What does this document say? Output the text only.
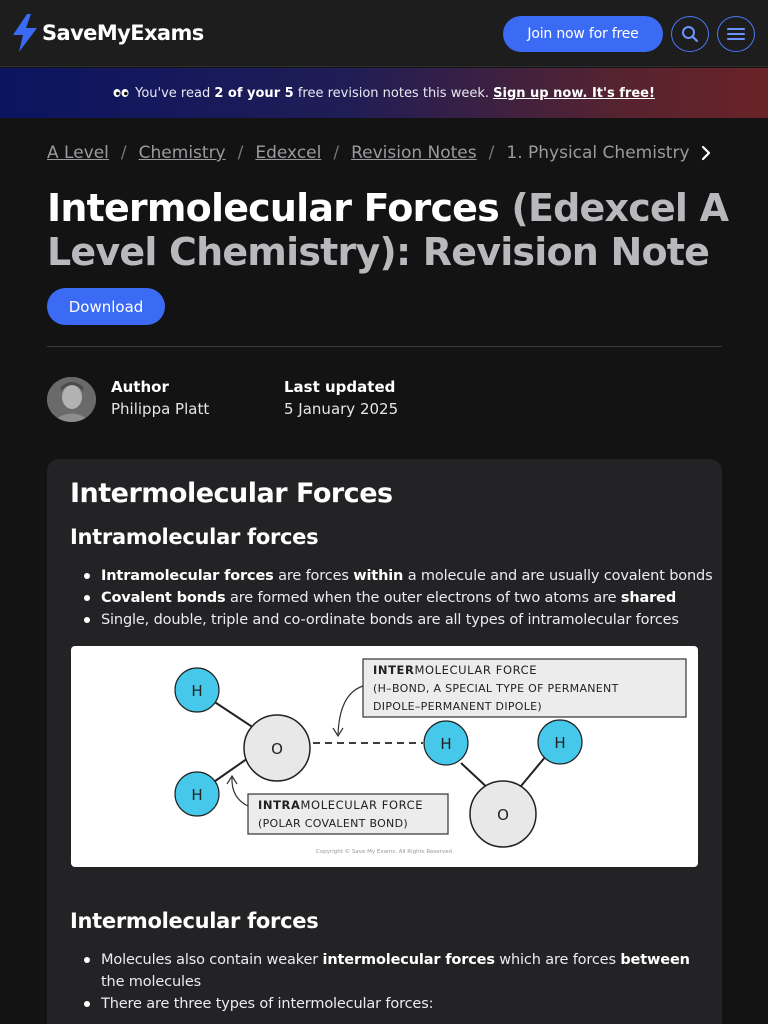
SaveMyExams	Join now for free
You've read 2 of your 5 free revision notes this week. Sign up now. It's free!
A Level / Chemistry / Edexcel / Revision Notes / 1. Physical Chemistry
Intermolecular Forces (Edexcel A Level Chemistry): Revision Note
Download
Author
Philippa Platt
Last updated
5 January 2025
Intermolecular Forces
Intramolecular forces
Intramolecular forces are forces within a molecule and are usually covalent bonds
Covalent bonds are formed when the outer electrons of two atoms are shared
Single, double, triple and co-ordinate bonds are all types of intramolecular forces
O
H
H
H	H
O
INTERMOLECULAR FORCE
(H–BOND, A SPECIAL TYPE OF PERMANENT
DIPOLE–PERMANENT DIPOLE)
INTRAMOLECULAR FORCE
(POLAR COVALENT BOND)
Copyright © Save My Exams. All Rights Reserved
Intermolecular forces
Molecules also contain weaker intermolecular forces which are forces between the molecules
There are three types of intermolecular forces:
